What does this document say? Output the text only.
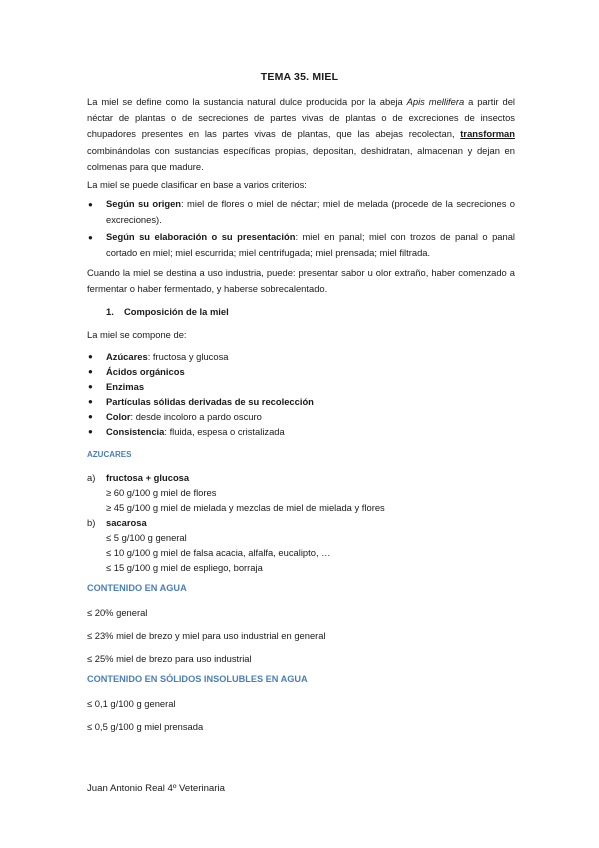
TEMA 35. MIEL

La miel se define como la sustancia natural dulce producida por la abeja Apis mellifera a partir del néctar de plantas o de secreciones de partes vivas de plantas o de excreciones de insectos chupadores presentes en las partes vivas de plantas, que las abejas recolectan, transforman combinándolas con sustancias específicas propias, depositan, deshidratan, almacenan y dejan en colmenas para que madure.

La miel se puede clasificar en base a varios criterios:
● Según su origen: miel de flores o miel de néctar; miel de melada (procede de la secreciones o excreciones).

● Según su elaboración o su presentación: miel en panal; miel con trozos de panal o panal cortado en miel; miel escurrida; miel centrifugada; miel prensada; miel filtrada.

Cuando la miel se destina a uso industria, puede: presentar sabor u olor extraño, haber comenzado a fermentar o haber fermentado, y haberse sobrecalentado.

1. Composición de la miel
La miel se compone de:
● Azúcares: fructosa y glucosa
● Ácidos orgánicos
● Enzimas
● Partículas sólidas derivadas de su recolección
● Color: desde incoloro a pardo oscuro
● Consistencia: fluida, espesa o cristalizada
AZUCARES
a) fructosa + glucosa
≥ 60 g/100 g miel de flores
≥ 45 g/100 g miel de mielada y mezclas de miel de mielada y flores
b) sacarosa
≤ 5 g/100 g general
≤ 10 g/100 g miel de falsa acacia, alfalfa, eucalipto, …
≤ 15 g/100 g miel de espliego, borraja
CONTENIDO EN AGUA
≤ 20% general
≤ 23% miel de brezo y miel para uso industrial en general
≤ 25% miel de brezo para uso industrial
CONTENIDO EN SÓLIDOS INSOLUBLES EN AGUA
≤ 0,1 g/100 g general
≤ 0,5 g/100 g miel prensada
Juan Antonio Real 4º Veterinaria
